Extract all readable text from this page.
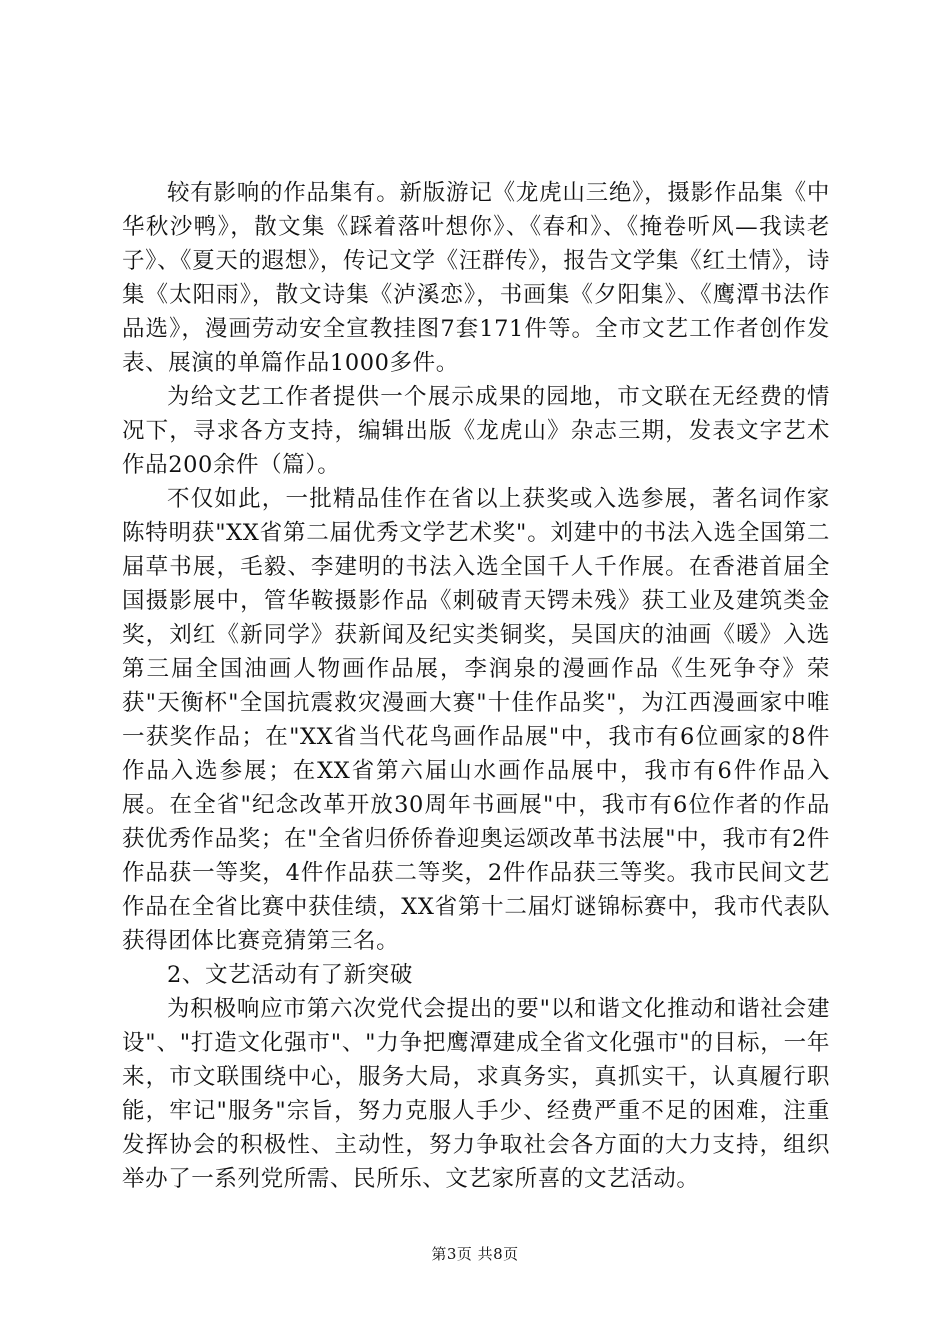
较有影响的作品集有。新版游记《龙虎山三绝》，摄影作品集《中华秋沙鸭》，散文集《踩着落叶想你》、《春和》、《掩卷听风—我读老子》、《夏天的遐想》，传记文学《汪群传》，报告文学集《红土情》，诗集《太阳雨》，散文诗集《泸溪恋》，书画集《夕阳集》、《鹰潭书法作品选》，漫画劳动安全宣教挂图7套171件等。全市文艺工作者创作发表、展演的单篇作品1000多件。

为给文艺工作者提供一个展示成果的园地，市文联在无经费的情况下，寻求各方支持，编辑出版《龙虎山》杂志三期，发表文字艺术作品200余件（篇）。

不仅如此，一批精品佳作在省以上获奖或入选参展，著名词作家陈特明获"XX省第二届优秀文学艺术奖"。刘建中的书法入选全国第二届草书展，毛毅、李建明的书法入选全国千人千作展。在香港首届全国摄影展中，管华鞍摄影作品《刺破青天锷未残》获工业及建筑类金奖，刘红《新同学》获新闻及纪实类铜奖，吴国庆的油画《暖》入选第三届全国油画人物画作品展，李润泉的漫画作品《生死争夺》荣获"天衡杯"全国抗震救灾漫画大赛"十佳作品奖"，为江西漫画家中唯一获奖作品；在"XX省当代花鸟画作品展"中，我市有6位画家的8件作品入选参展；在XX省第六届山水画作品展中，我市有6件作品入展。在全省"纪念改革开放30周年书画展"中，我市有6位作者的作品获优秀作品奖；在"全省归侨侨眷迎奥运颂改革书法展"中，我市有2件作品获一等奖，4件作品获二等奖，2件作品获三等奖。我市民间文艺作品在全省比赛中获佳绩，XX省第十二届灯谜锦标赛中，我市代表队获得团体比赛竞猜第三名。

2、文艺活动有了新突破

为积极响应市第六次党代会提出的要"以和谐文化推动和谐社会建设"、"打造文化强市"、"力争把鹰潭建成全省文化强市"的目标，一年来，市文联围绕中心，服务大局，求真务实，真抓实干，认真履行职能，牢记"服务"宗旨，努力克服人手少、经费严重不足的困难，注重发挥协会的积极性、主动性，努力争取社会各方面的大力支持，组织举办了一系列党所需、民所乐、文艺家所喜的文艺活动。

第3页 共8页
